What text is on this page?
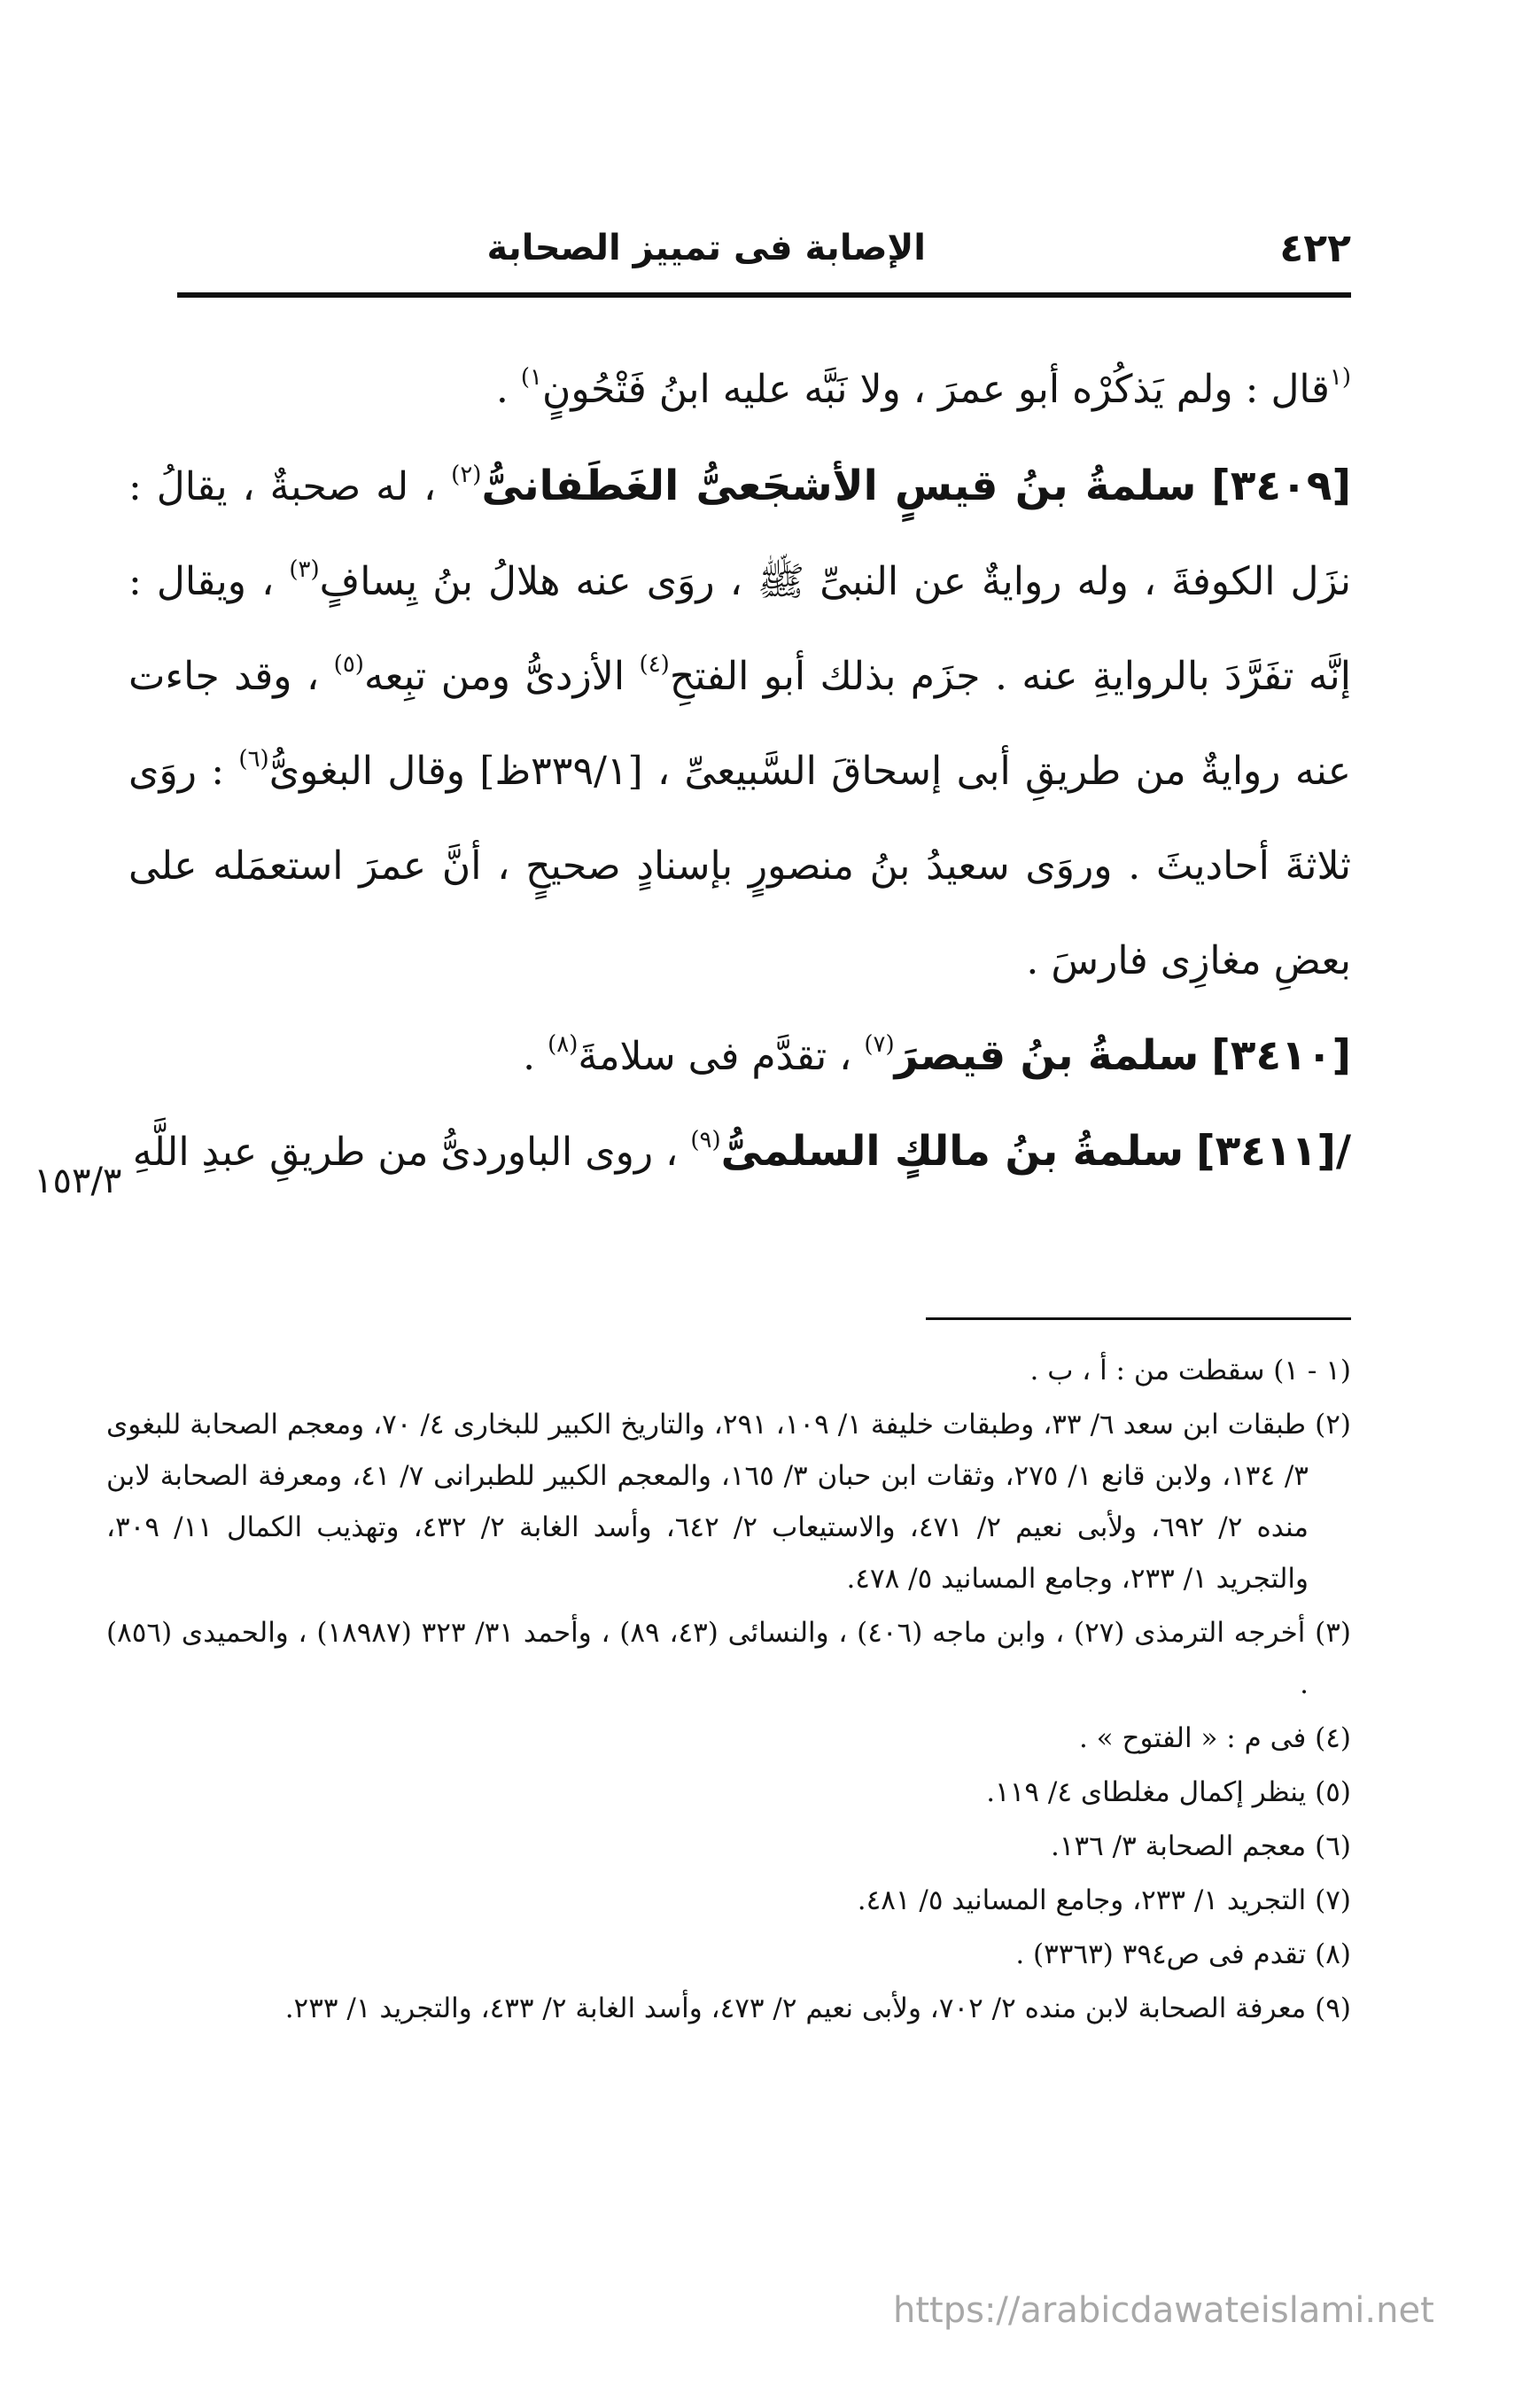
٤٢٢
الإصابة فى تمييز الصحابة

$^{(١}$قال : ولم يَذكُرْه أبو عمرَ ، ولا نَبَّه عليه ابنُ فَتْحُونٍ$^{١)}$ .

[٣٤٠٩] سلمةُ بنُ قيسٍ الأشجَعىُّ الغَطَفانىُّ$^{(٢)}$ ، له صحبةٌ ، يقالُ : نزَل الكوفةَ ، وله روايةٌ عن النبىِّ ﷺ ، روَى عنه هلالُ بنُ يِسافٍ$^{(٣)}$ ، ويقال : إنَّه تفَرَّدَ بالروايةِ عنه . جزَم بذلك أبو الفتحِ$^{(٤)}$ الأزدىُّ ومن تبِعه$^{(٥)}$ ، وقد جاءت عنه روايةٌ من طريقِ أبى إسحاقَ السَّبيعىِّ ، [٣٣٩/١ظ] وقال البغوىُّ$^{(٦)}$ : روَى ثلاثةَ أحاديثَ . وروَى سعيدُ بنُ منصورٍ بإسنادٍ صحيحٍ ، أنَّ عمرَ استعمَله على بعضِ مغازِى فارسَ .

[٣٤١٠] سلمةُ بنُ قيصرَ$^{(٧)}$ ، تقدَّم فى سلامةَ$^{(٨)}$ .

/[٣٤١١] سلمةُ بنُ مالكٍ السلمىُّ$^{(٩)}$ ، روى الباوردىُّ من طريقِ عبدِ اللَّهِ

١٥٣/٣

(١ - ١) سقطت من : أ ، ب .

(٢) طبقات ابن سعد ٦/ ٣٣، وطبقات خليفة ١/ ١٠٩، ٢٩١، والتاريخ الكبير للبخارى ٤/ ٧٠، ومعجم الصحابة للبغوى ٣/ ١٣٤، ولابن قانع ١/ ٢٧٥، وثقات ابن حبان ٣/ ١٦٥، والمعجم الكبير للطبرانى ٧/ ٤١، ومعرفة الصحابة لابن منده ٢/ ٦٩٢، ولأبى نعيم ٢/ ٤٧١، والاستيعاب ٢/ ٦٤٢، وأسد الغابة ٢/ ٤٣٢، وتهذيب الكمال ١١/ ٣٠٩، والتجريد ١/ ٢٣٣، وجامع المسانيد ٥/ ٤٧٨.

(٣) أخرجه الترمذى (٢٧) ، وابن ماجه (٤٠٦) ، والنسائى (٤٣، ٨٩) ، وأحمد ٣١/ ٣٢٣ (١٨٩٨٧) ، والحميدى (٨٥٦) .

(٤) فى م : « الفتوح » .

(٥) ينظر إكمال مغلطاى ٤/ ١١٩.

(٦) معجم الصحابة ٣/ ١٣٦.

(٧) التجريد ١/ ٢٣٣، وجامع المسانيد ٥/ ٤٨١.

(٨) تقدم فى ص٣٩٤ (٣٣٦٣) .

(٩) معرفة الصحابة لابن منده ٢/ ٧٠٢، ولأبى نعيم ٢/ ٤٧٣، وأسد الغابة ٢/ ٤٣٣، والتجريد ١/ ٢٣٣.

https://arabicdawateislami.net
